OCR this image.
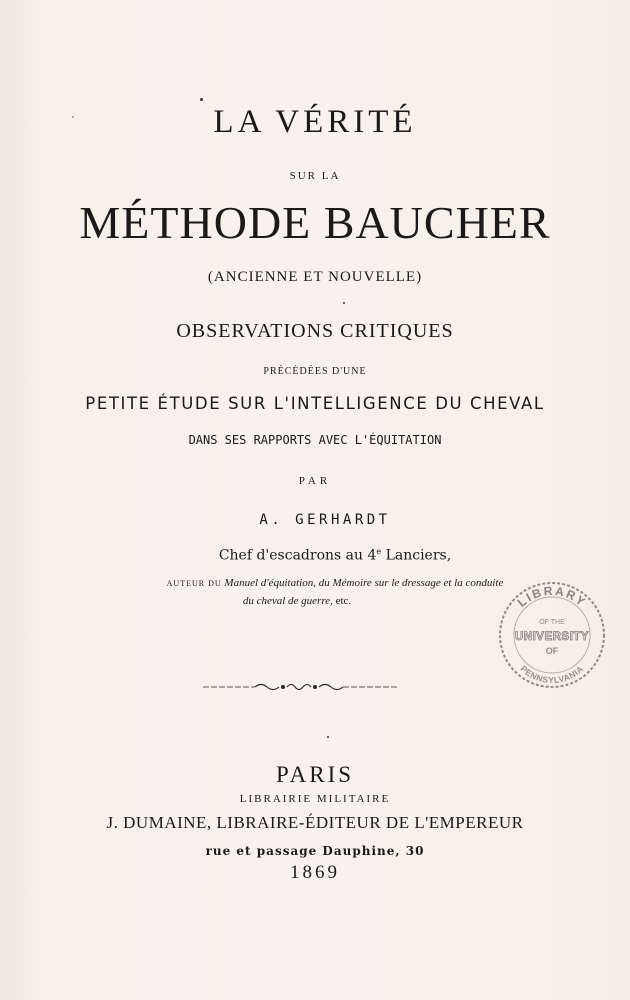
LA VÉRITÉ
SUR LA
MÉTHODE BAUCHER
(ANCIENNE ET NOUVELLE)
OBSERVATIONS CRITIQUES
PRÉCÉDÉES D'UNE
PETITE ÉTUDE SUR L'INTELLIGENCE DU CHEVAL
DANS SES RAPPORTS AVEC L'ÉQUITATION
PAR
A. GERHARDT
Chef d'escadrons au 4e Lanciers,
AUTEUR DU Manuel d'équitation, du Mémoire sur le dressage et la conduite
du cheval de guerre, etc.
PARIS
LIBRAIRIE MILITAIRE
J. DUMAINE, LIBRAIRE-ÉDITEUR DE L'EMPEREUR
rue et passage Dauphine, 30
1869
LIBRARY
OF THE
UNIVERSITY
OF
PENNSYLVANIA
